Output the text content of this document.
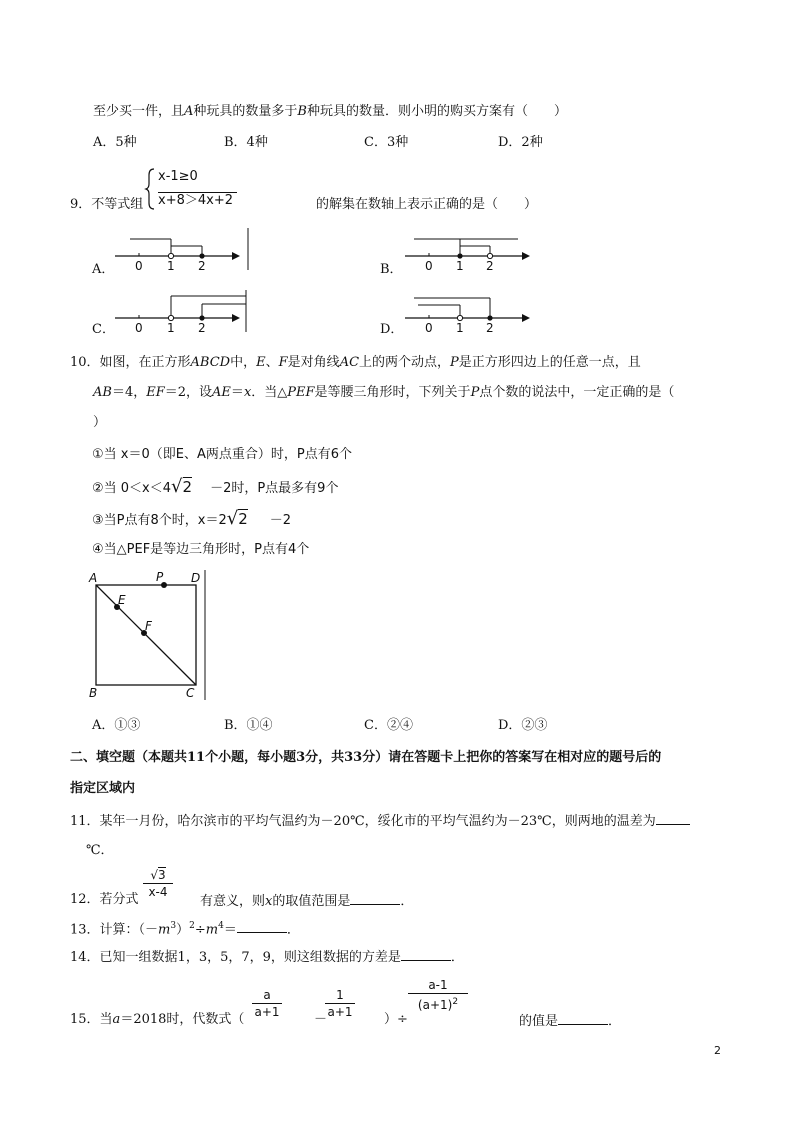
至少买一件，且A种玩具的数量多于B种玩具的数量．则小明的购买方案有（　　）
A．5种	B．4种	C．3种	D．2种
9．不等式组
x-1≥0
x+8＞4x+2	的解集在数轴上表示正确的是（　　）
A． 0 1 2	B． 0 1 2
C． 0 1 2	D． 0 1 2
10．如图，在正方形ABCD中，E、F是对角线AC上的两个动点，P是正方形四边上的任意一点，且
AB＝4，EF＝2，设AE＝x．当△PEF是等腰三角形时，下列关于P点个数的说法中，一定正确的是（
）
①当 x＝0（即E、A两点重合）时，P点有6个
②当 0＜x＜4√2 －2时，P点最多有9个
③当P点有8个时，x＝2√2 －2
④当△PEF是等边三角形时，P点有4个
A	D
B	C
E
F
P
A．①③	B．①④	C．②④	D．②③
二、填空题（本题共11个小题，每小题3分，共33分）请在答题卡上把你的答案写在相对应的题号后的
指定区域内
11．某年一月份，哈尔滨市的平均气温约为－20℃，绥化市的平均气温约为－23℃，则两地的温差为
℃．
12．若分式
√3
x-4
有意义，则x的取值范围是	．
13．计算：$(-m^3)^2\div m^4=$	．
14．已知一组数据1，3，5，7，9，则这组数据的方差是	．
15．当a＝2018时，代数式（
a
a+1	－
1
a+1 ）÷
a-1
$(a+1)^2$
的值是	．
2
